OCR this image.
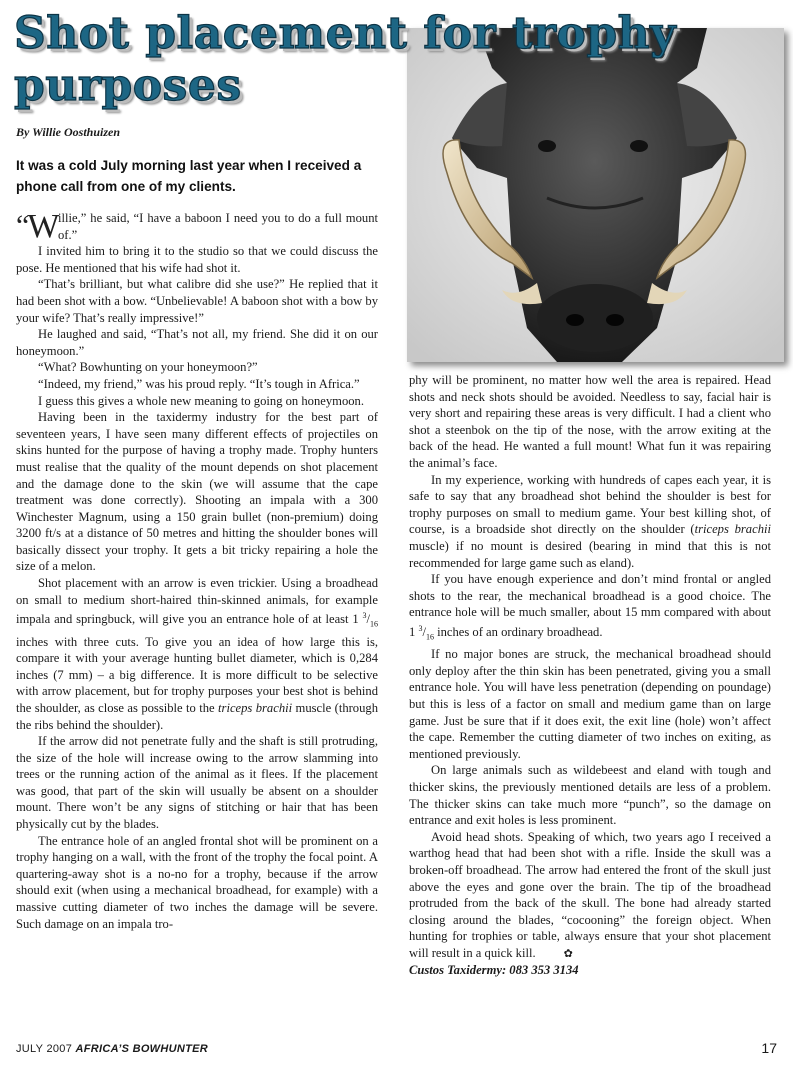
Shot placement for trophy purposes

By Willie Oosthuizen

It was a cold July morning last year when I received a phone call from one of my clients.

“W
illie,” he said, “I have a baboon I need you to do a full mount of.”

I invited him to bring it to the studio so that we could discuss the pose. He mentioned that his wife had shot it.

“That’s brilliant, but what calibre did she use?” He replied that it had been shot with a bow. “Unbelievable! A baboon shot with a bow by your wife? That’s really impressive!”

He laughed and said, “That’s not all, my friend. She did it on our honeymoon.”

“What? Bowhunting on your honeymoon?”

“Indeed, my friend,” was his proud reply. “It’s tough in Africa.”

I guess this gives a whole new meaning to going on honeymoon.

Having been in the taxidermy industry for the best part of seventeen years, I have seen many different effects of projectiles on skins hunted for the purpose of having a trophy made. Trophy hunters must realise that the quality of the mount depends on shot placement and the damage done to the skin (we will assume that the cape treatment was done correctly). Shooting an impala with a 300 Winchester Magnum, using a 150 grain bullet (non-premium) doing 3200 ft/s at a distance of 50 metres and hitting the shoulder bones will basically dissect your trophy. It gets a bit tricky repairing a hole the size of a melon.

Shot placement with an arrow is even trickier. Using a broadhead on small to medium short-haired thin-skinned animals, for example impala and springbuck, will give you an entrance hole of at least 1 $^3/_{16}$ inches with three cuts. To give you an idea of how large this is, compare it with your average hunting bullet diameter, which is 0,284 inches (7 mm) – a big difference. It is more difficult to be selective with arrow placement, but for trophy purposes your best shot is behind the shoulder, as close as possible to the triceps brachii muscle (through the ribs behind the shoulder).

If the arrow did not penetrate fully and the shaft is still protruding, the size of the hole will increase owing to the arrow slamming into trees or the running action of the animal as it flees. If the placement was good, that part of the skin will usually be absent on a shoulder mount. There won’t be any signs of stitching or hair that has been physically cut by the blades.

The entrance hole of an angled frontal shot will be prominent on a trophy hanging on a wall, with the front of the trophy the focal point. A quartering-away shot is a no-no for a trophy, because if the arrow should exit (when using a mechanical broadhead, for example) with a massive cutting diameter of two inches the damage will be severe. Such damage on an impala tro-

phy will be prominent, no matter how well the area is repaired. Head shots and neck shots should be avoided. Needless to say, facial hair is very short and repairing these areas is very difficult. I had a client who shot a steenbok on the tip of the nose, with the arrow exiting at the back of the head. He wanted a full mount! What fun it was repairing the animal’s face.

In my experience, working with hundreds of capes each year, it is safe to say that any broadhead shot behind the shoulder is best for trophy purposes on small to medium game. Your best killing shot, of course, is a broadside shot directly on the shoulder (triceps brachii muscle) if no mount is desired (bearing in mind that this is not recommended for large game such as eland).

If you have enough experience and don’t mind frontal or angled shots to the rear, the mechanical broadhead is a good choice. The entrance hole will be much smaller, about 15 mm compared with about 1 $^3/_{16}$ inches of an ordinary broadhead.

If no major bones are struck, the mechanical broadhead should only deploy after the thin skin has been penetrated, giving you a small entrance hole. You will have less penetration (depending on poundage) but this is less of a factor on small and medium game than on large game. Just be sure that if it does exit, the exit line (hole) won’t affect the cape. Remember the cutting diameter of two inches on exiting, as mentioned previously.

On large animals such as wildebeest and eland with tough and thicker skins, the previously mentioned details are less of a problem. The thicker skins can take much more “punch”, so the damage on entrance and exit holes is less prominent.

Avoid head shots. Speaking of which, two years ago I received a warthog head that had been shot with a rifle. Inside the skull was a broken-off broadhead. The arrow had entered the front of the skull just above the eyes and gone over the brain. The tip of the broadhead protruded from the back of the skull. The bone had already started closing around the blades, “cocooning” the foreign object. When hunting for trophies or table, always ensure that your shot placement will result in a quick kill.	✿

Custos Taxidermy: 083 353 3134

JULY 2007 AFRICA’S BOWHUNTER	17
